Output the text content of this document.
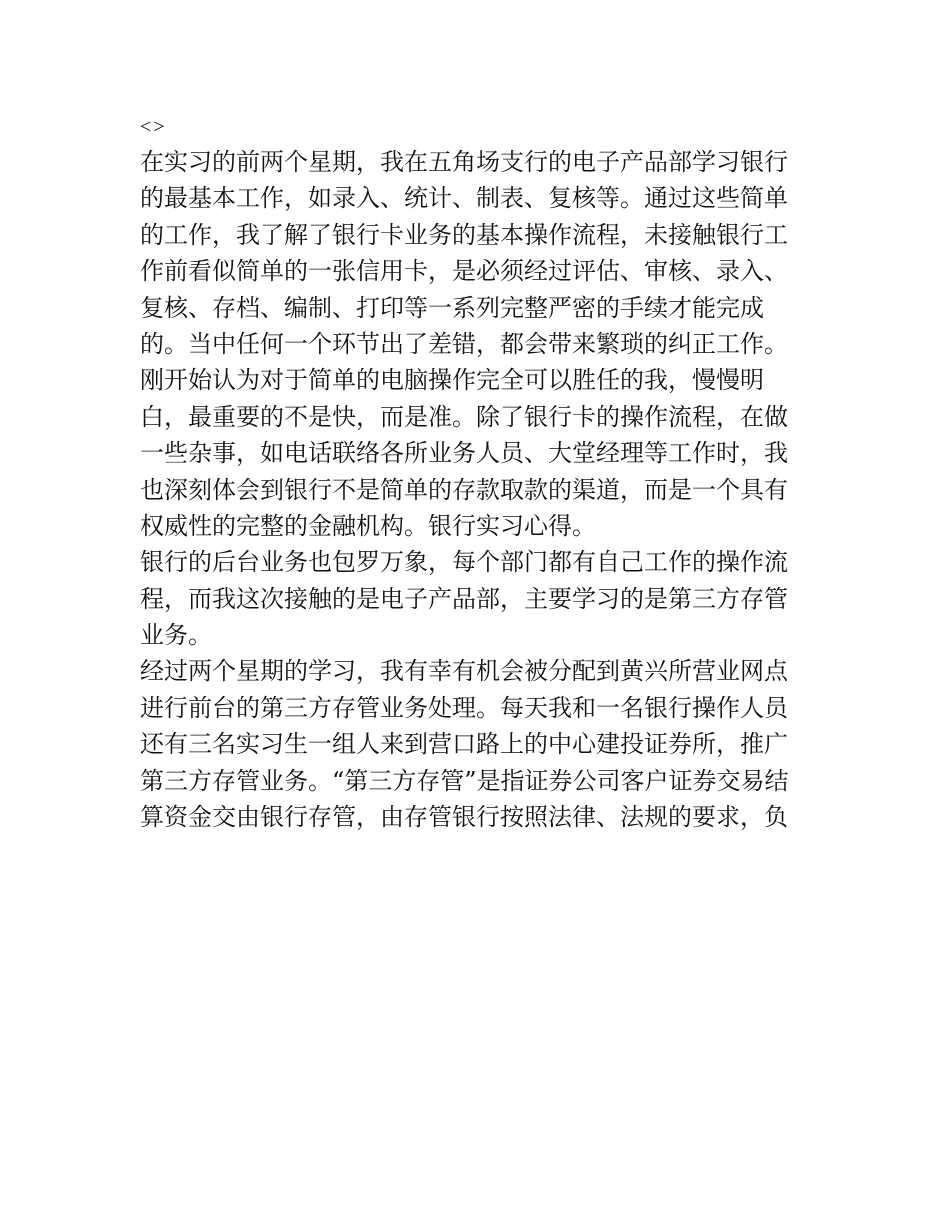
<>

在实习的前两个星期，我在五角场支行的电子产品部学习银行

的最基本工作，如录入、统计、制表、复核等。通过这些简单

的工作，我了解了银行卡业务的基本操作流程，未接触银行工

作前看似简单的一张信用卡，是必须经过评估、审核、录入、

复核、存档、编制、打印等一系列完整严密的手续才能完成

的。当中任何一个环节出了差错，都会带来繁琐的纠正工作。

刚开始认为对于简单的电脑操作完全可以胜任的我，慢慢明

白，最重要的不是快，而是准。除了银行卡的操作流程，在做

一些杂事，如电话联络各所业务人员、大堂经理等工作时，我

也深刻体会到银行不是简单的存款取款的渠道，而是一个具有

权威性的完整的金融机构。银行实习心得。

银行的后台业务也包罗万象，每个部门都有自己工作的操作流

程，而我这次接触的是电子产品部，主要学习的是第三方存管

业务。

经过两个星期的学习，我有幸有机会被分配到黄兴所营业网点

进行前台的第三方存管业务处理。每天我和一名银行操作人员

还有三名实习生一组人来到营口路上的中心建投证券所，推广

第三方存管业务。“第三方存管”是指证券公司客户证券交易结

算资金交由银行存管，由存管银行按照法律、法规的要求，负
